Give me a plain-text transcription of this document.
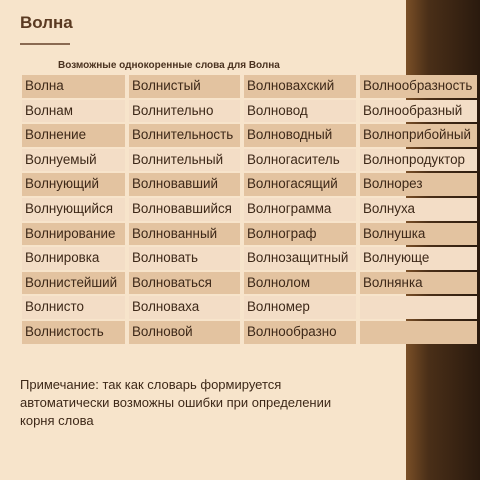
Волна
Возможные однокоренные слова для Волна
Примечание: так как словарь формируется автоматически возможны ошибки при определении корня слова
Волна	Волнистый	Волновахский	Волнообразность
Волнам	Волнительно	Волновод	Волнообразный
Волнение	Волнительность	Волноводный	Волноприбойный
Волнуемый	Волнительный	Волногаситель	Волнопродуктор
Волнующий	Волновавший	Волногасящий	Волнорез
Волнующийся	Волновавшийся	Волнограмма	Волнуха
Волнирование	Волнованный	Волнограф	Волнушка
Волнировка	Волновать	Волнозащитный	Волнующе
Волнистейший	Волноваться	Волнолом	Волнянка
Волнисто	Волноваха	Волномер
Волнистость	Волновой	Волнообразно
